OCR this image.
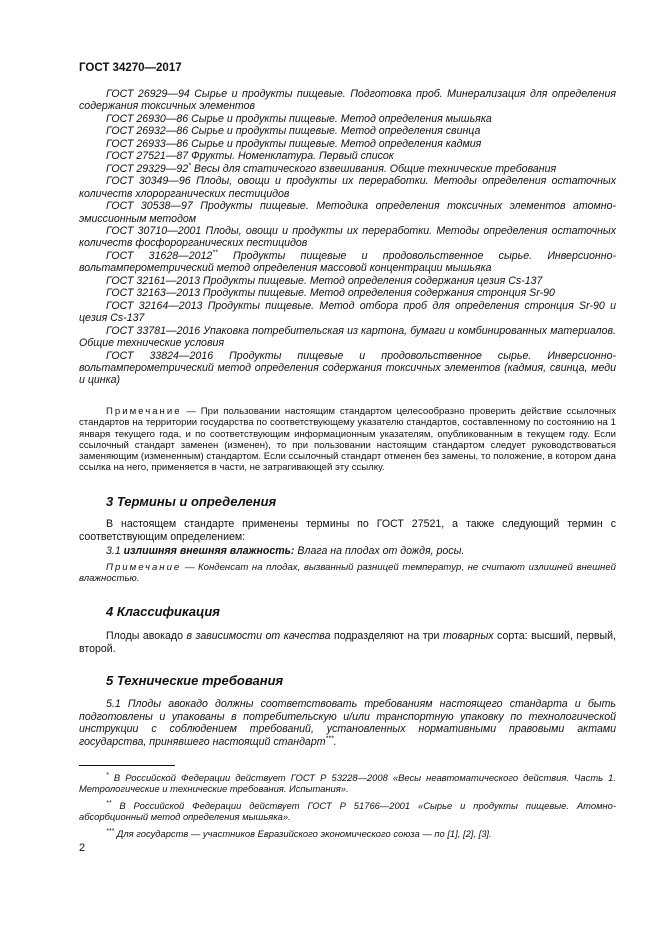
ГОСТ 34270—2017

ГОСТ 26929—94 Сырье и продукты пищевые. Подготовка проб. Минерализация для определения содержания токсичных элементов

ГОСТ 26930—86 Сырье и продукты пищевые. Метод определения мышьяка

ГОСТ 26932—86 Сырье и продукты пищевые. Метод определения свинца

ГОСТ 26933—86 Сырье и продукты пищевые. Метод определения кадмия

ГОСТ 27521—87 Фрукты. Номенклатура. Первый список

ГОСТ 29329—92* Весы для статического взвешивания. Общие технические требования

ГОСТ 30349—96 Плоды, овощи и продукты их переработки. Методы определения остаточных количеств хлорорганических пестицидов

ГОСТ 30538—97 Продукты пищевые. Методика определения токсичных элементов атомно-эмиссионным методом

ГОСТ 30710—2001 Плоды, овощи и продукты их переработки. Методы определения остаточных количеств фосфорорганических пестицидов

ГОСТ 31628—2012** Продукты пищевые и продовольственное сырье. Инверсионно-вольтамперометрический метод определения массовой концентрации мышьяка

ГОСТ 32161—2013 Продукты пищевые. Метод определения содержания цезия Cs-137

ГОСТ 32163—2013 Продукты пищевые. Метод определения содержания стронция Sr-90

ГОСТ 32164—2013 Продукты пищевые. Метод отбора проб для определения стронция Sr-90 и цезия Cs-137

ГОСТ 33781—2016 Упаковка потребительская из картона, бумаги и комбинированных материалов. Общие технические условия

ГОСТ 33824—2016 Продукты пищевые и продовольственное сырье. Инверсионно-вольтамперометрический метод определения содержания токсичных элементов (кадмия, свинца, меди и цинка)

Примечание — При пользовании настоящим стандартом целесообразно проверить действие ссылочных стандартов на территории государства по соответствующему указателю стандартов, составленному по состоянию на 1 января текущего года, и по соответствующим информационным указателям, опубликованным в текущем году. Если ссылочный стандарт заменен (изменен), то при пользовании настоящим стандартом следует руководствоваться заменяющим (измененным) стандартом. Если ссылочный стандарт отменен без замены, то положение, в котором дана ссылка на него, применяется в части, не затрагивающей эту ссылку.
3 Термины и определения
В настоящем стандарте применены термины по ГОСТ 27521, а также следующий термин с соответствующим определением:
3.1 излишняя внешняя влажность: Влага на плодах от дождя, росы.
Примечание — Конденсат на плодах, вызванный разницей температур, не считают излишней внешней влажностью.
4 Классификация
Плоды авокадо в зависимости от качества подразделяют на три товарных сорта: высший, первый, второй.
5 Технические требования
5.1 Плоды авокадо должны соответствовать требованиям настоящего стандарта и быть подготовлены и упакованы в потребительскую и/или транспортную упаковку по технологической инструкции с соблюдением требований, установленных нормативными правовыми актами государства, принявшего настоящий стандарт***.
* В Российской Федерации действует ГОСТ Р 53228—2008 «Весы неавтоматического действия. Часть 1. Метрологические и технические требования. Испытания».
** В Российской Федерации действует ГОСТ Р 51766—2001 «Сырье и продукты пищевые. Атомно-абсорбционный метод определения мышьяка».
*** Для государств — участников Евразийского экономического союза — по [1], [2], [3].
2
